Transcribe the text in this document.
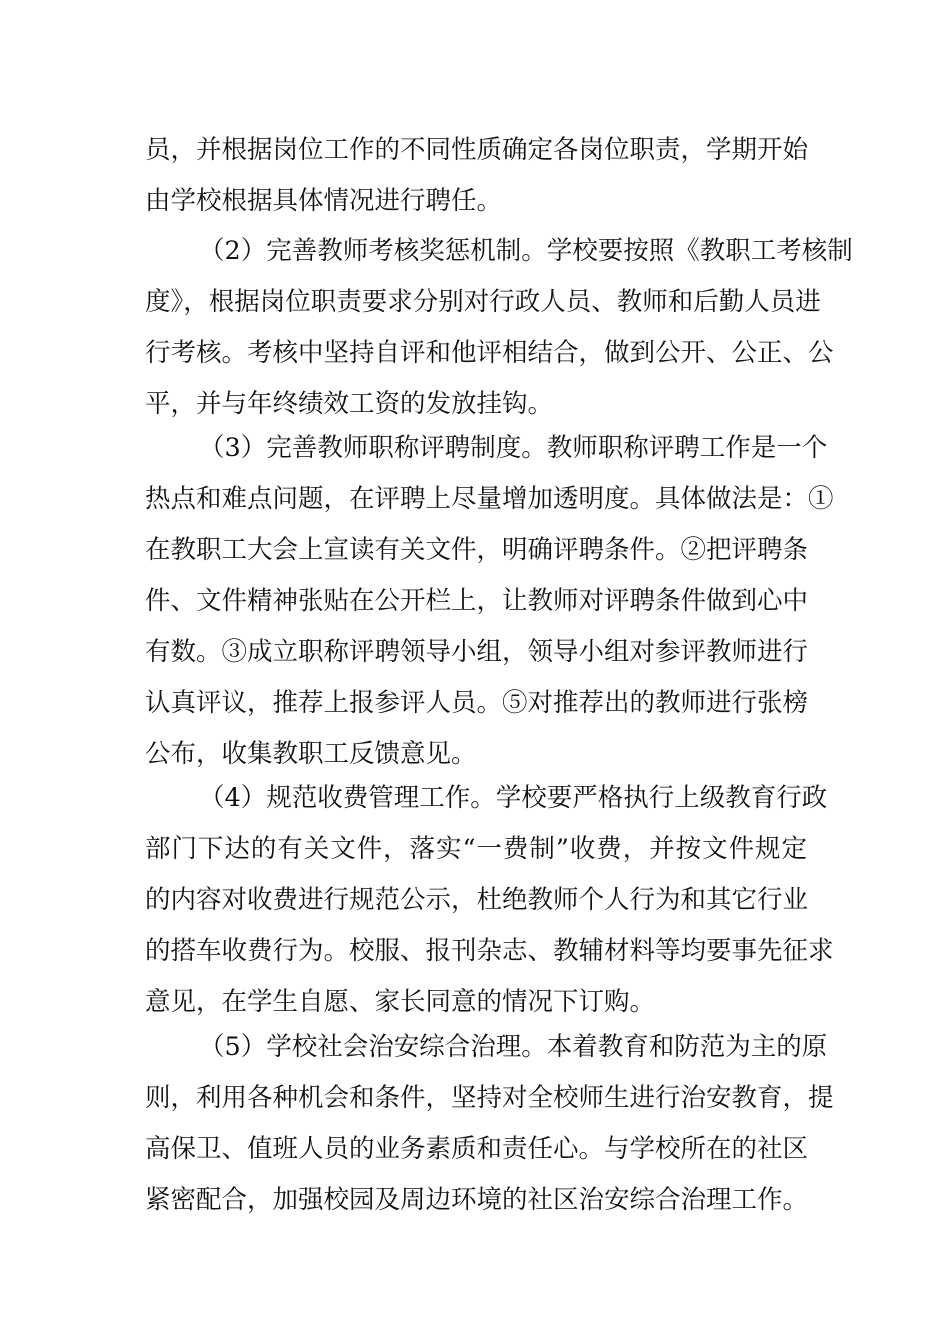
员，并根据岗位工作的不同性质确定各岗位职责，学期开始
由学校根据具体情况进行聘任。
（2）完善教师考核奖惩机制。学校要按照《教职工考核制
度》，根据岗位职责要求分别对行政人员、教师和后勤人员进
行考核。考核中坚持自评和他评相结合，做到公开、公正、公
平，并与年终绩效工资的发放挂钩。
（3）完善教师职称评聘制度。教师职称评聘工作是一个
热点和难点问题，在评聘上尽量增加透明度。具体做法是：①
在教职工大会上宣读有关文件，明确评聘条件。②把评聘条
件、文件精神张贴在公开栏上，让教师对评聘条件做到心中
有数。③成立职称评聘领导小组，领导小组对参评教师进行
认真评议，推荐上报参评人员。⑤对推荐出的教师进行张榜
公布，收集教职工反馈意见。
（4）规范收费管理工作。学校要严格执行上级教育行政
部门下达的有关文件，落实“一费制”收费，并按文件规定
的内容对收费进行规范公示，杜绝教师个人行为和其它行业
的搭车收费行为。校服、报刊杂志、教辅材料等均要事先征求
意见，在学生自愿、家长同意的情况下订购。
（5）学校社会治安综合治理。本着教育和防范为主的原
则，利用各种机会和条件，坚持对全校师生进行治安教育，提
高保卫、值班人员的业务素质和责任心。与学校所在的社区
紧密配合，加强校园及周边环境的社区治安综合治理工作。
